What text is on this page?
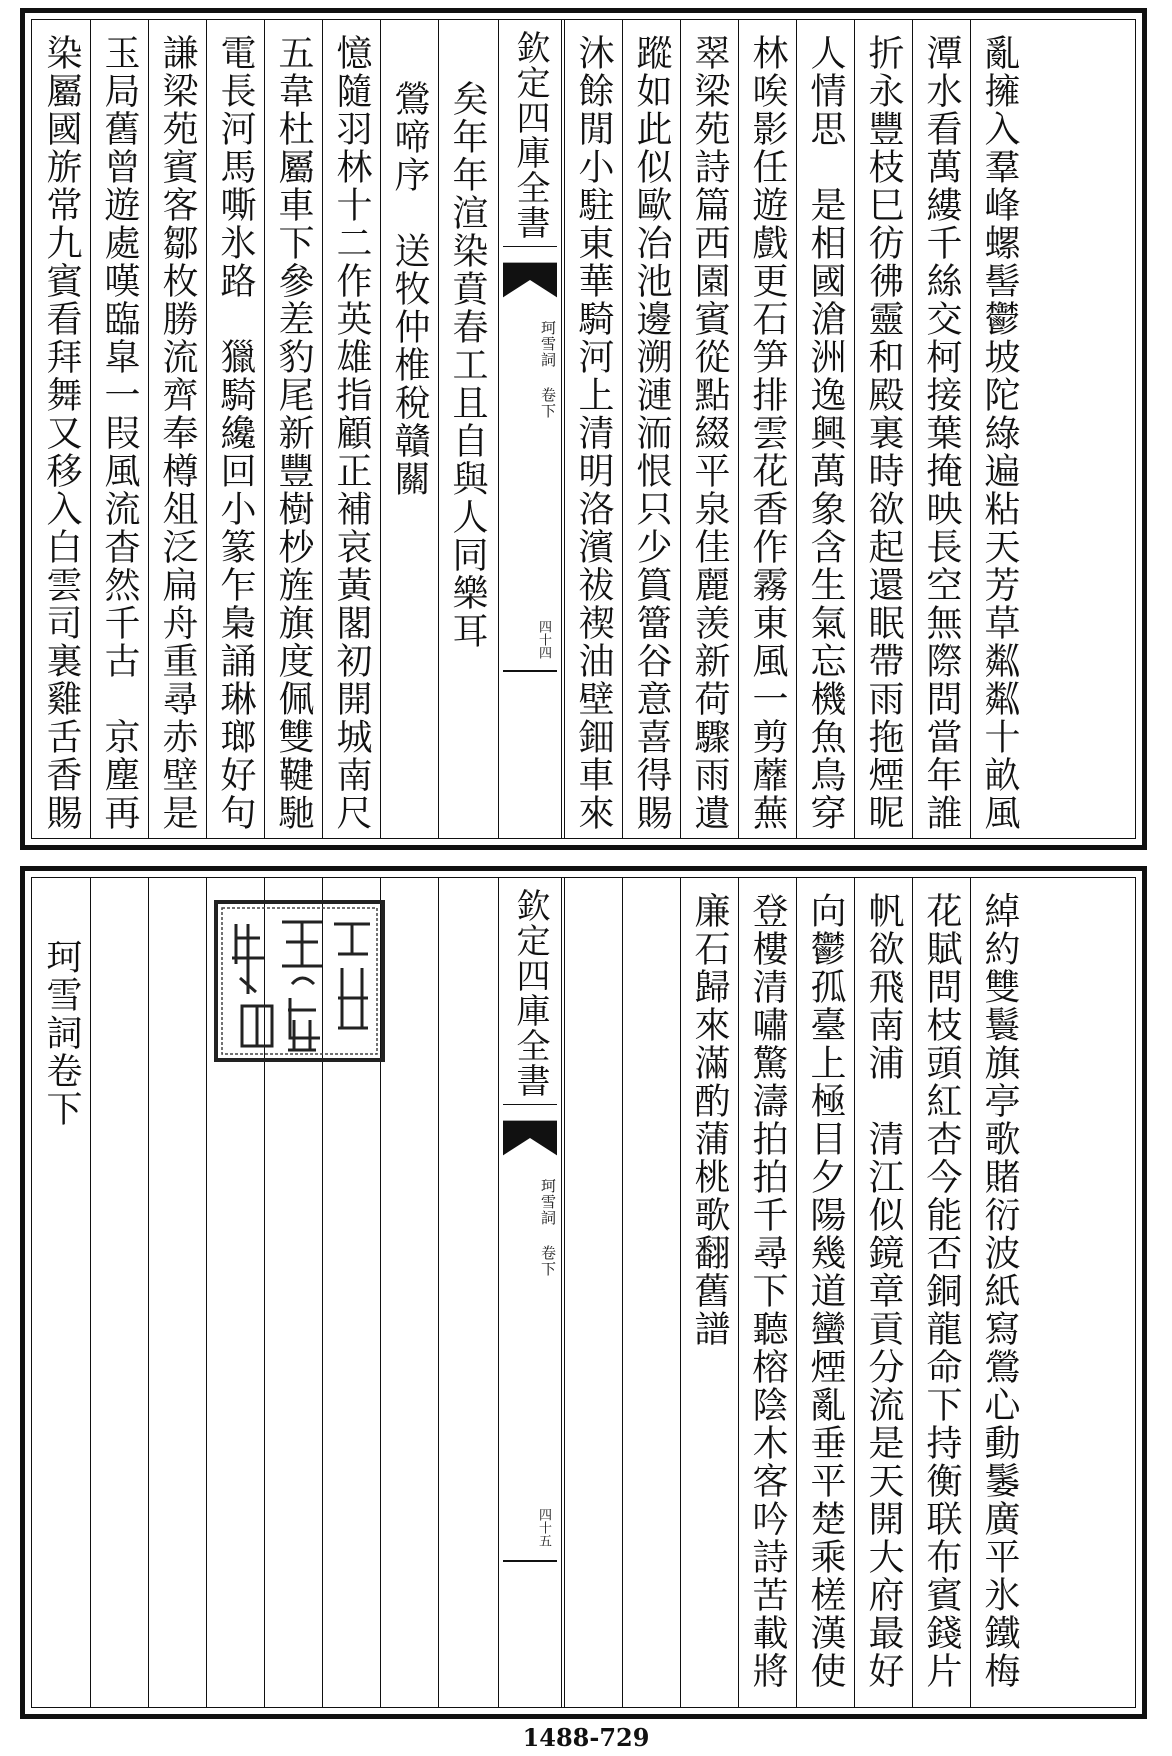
染屬國旂常九賓看拜舞又移入白雲司裏雞舌香賜 玉局舊曾遊處嘆臨皐一叚風流杳然千古　京塵再 謙梁苑賓客鄒枚勝流齊奉樽俎泛扁舟重尋赤壁是 電長河馬嘶氷路　獵騎纔回小篆乍梟誦琳瑯好句 五韋杜屬車下參差豹尾新豐樹杪旌旗度佩雙鞬馳 憶隨羽林十二作英雄指顧正補哀黃閣初開城南尺 鶯啼序　送牧仲椎稅贛關 矣年年渲染賁春工且自與人同樂耳 欽定四庫全書
珂雪詞 卷下
四十四 沐餘閒小駐東華騎河上清明洛濱祓禊油壁鈿車來 蹤如此似歐冶池邊溯漣洏恨只少篔簹谷意喜得賜 翠梁苑詩篇西園賓從點綴平泉佳麗羡新荷驟雨遺 林唉影任遊戲更石笋排雲花香作霧東風一剪蘼蕪 人情思　是相國滄洲逸興萬象含生氣忘機魚鳥穿 折永豐枝巳彷彿靈和殿裏時欲起還眠帶雨拖煙昵 潭水看萬縷千絲交柯接葉掩映長空無際問當年誰 亂擁入羣峰螺髻鬱坡陀綠遍粘天芳草粼粼十畝風
珂雪詞卷下	欽定四庫全書
珂雪詞 卷下
四十五
廉石歸來滿酌蒲桃歌翻舊譜 登樓清嘯驚濤拍拍千尋下聽榕陰木客吟詩苦載將 向鬱孤臺上極目夕陽幾道蠻煙亂垂平楚乘槎漢使 帆欲飛南浦　清江似鏡章貢分流是天開大府最好 花賦問枝頭紅杏今能否銅龍命下持衡联布賓錢片 綽約雙鬟旗亭歌賭衍波紙寫鶯心動䰀廣平氷鐵梅
1488-729
